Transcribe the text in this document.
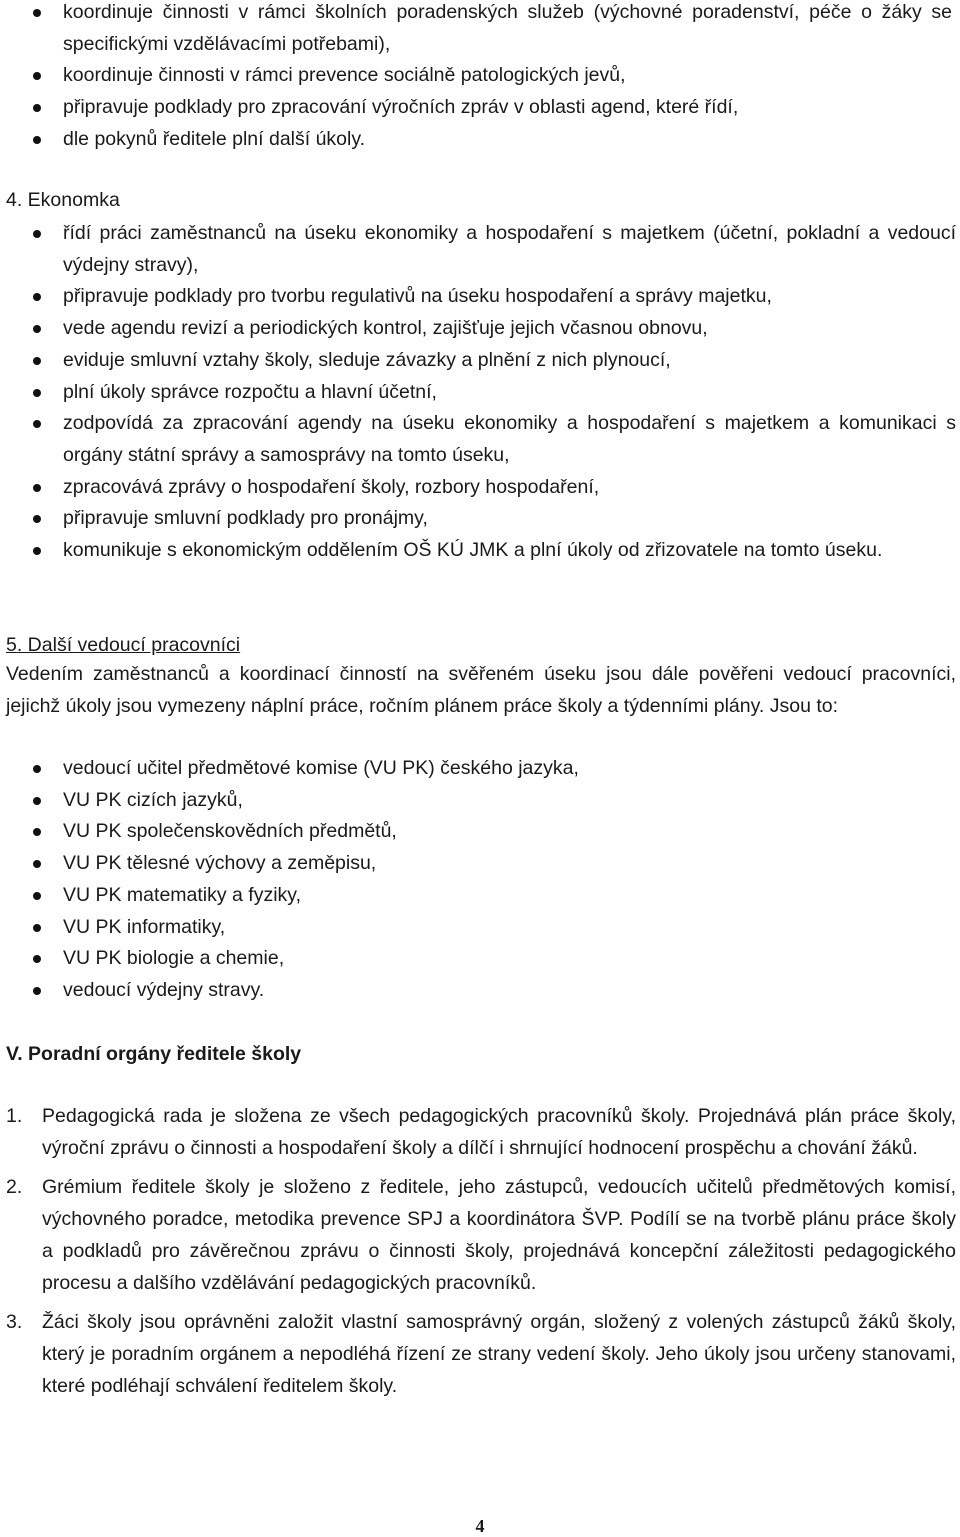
koordinuje činnosti v rámci školních poradenských služeb (výchovné poradenství, péče o žáky se specifickými vzdělávacími potřebami),
koordinuje činnosti v rámci prevence sociálně patologických jevů,
připravuje podklady pro zpracování výročních zpráv v oblasti agend, které řídí,
dle pokynů ředitele plní další úkoly.
4. Ekonomka
řídí práci zaměstnanců na úseku ekonomiky a hospodaření s majetkem (účetní, pokladní a vedoucí výdejny stravy),
připravuje podklady pro tvorbu regulativů na úseku hospodaření a správy majetku,
vede agendu revizí a periodických kontrol, zajišťuje jejich včasnou obnovu,
eviduje smluvní vztahy školy, sleduje závazky a plnění z nich plynoucí,
plní úkoly správce rozpočtu a hlavní účetní,
zodpovídá za zpracování agendy na úseku ekonomiky a hospodaření s majetkem a komunikaci s orgány státní správy a samosprávy na tomto úseku,
zpracovává zprávy o hospodaření školy, rozbory hospodaření,
připravuje smluvní podklady pro pronájmy,
komunikuje s ekonomickým oddělením OŠ KÚ JMK a plní úkoly od zřizovatele na tomto úseku.
5. Další vedoucí pracovníci

Vedením zaměstnanců a koordinací činností na svěřeném úseku jsou dále pověřeni vedoucí pracovníci, jejichž úkoly jsou vymezeny náplní práce, ročním plánem práce školy a týdenními plány. Jsou to:

vedoucí učitel předmětové komise (VU PK) českého jazyka,
VU PK cizích jazyků,
VU PK společenskovědních předmětů,
VU PK tělesné výchovy a zeměpisu,
VU PK matematiky a fyziky,
VU PK informatiky,
VU PK biologie a chemie,
vedoucí výdejny stravy.
V. Poradní orgány ředitele školy
1. Pedagogická rada je složena ze všech pedagogických pracovníků školy. Projednává plán práce školy, výroční zprávu o činnosti a hospodaření školy a dílčí i shrnující hodnocení prospěchu a chování žáků.
2. Grémium ředitele školy je složeno z ředitele, jeho zástupců, vedoucích učitelů předmětových komisí, výchovného poradce, metodika prevence SPJ a koordinátora ŠVP. Podílí se na tvorbě plánu práce školy a podkladů pro závěrečnou zprávu o činnosti školy, projednává koncepční záležitosti pedagogického procesu a dalšího vzdělávání pedagogických pracovníků.
3. Žáci školy jsou oprávněni založit vlastní samosprávný orgán, složený z volených zástupců žáků školy, který je poradním orgánem a nepodléhá řízení ze strany vedení školy. Jeho úkoly jsou určeny stanovami, které podléhají schválení ředitelem školy.
4
